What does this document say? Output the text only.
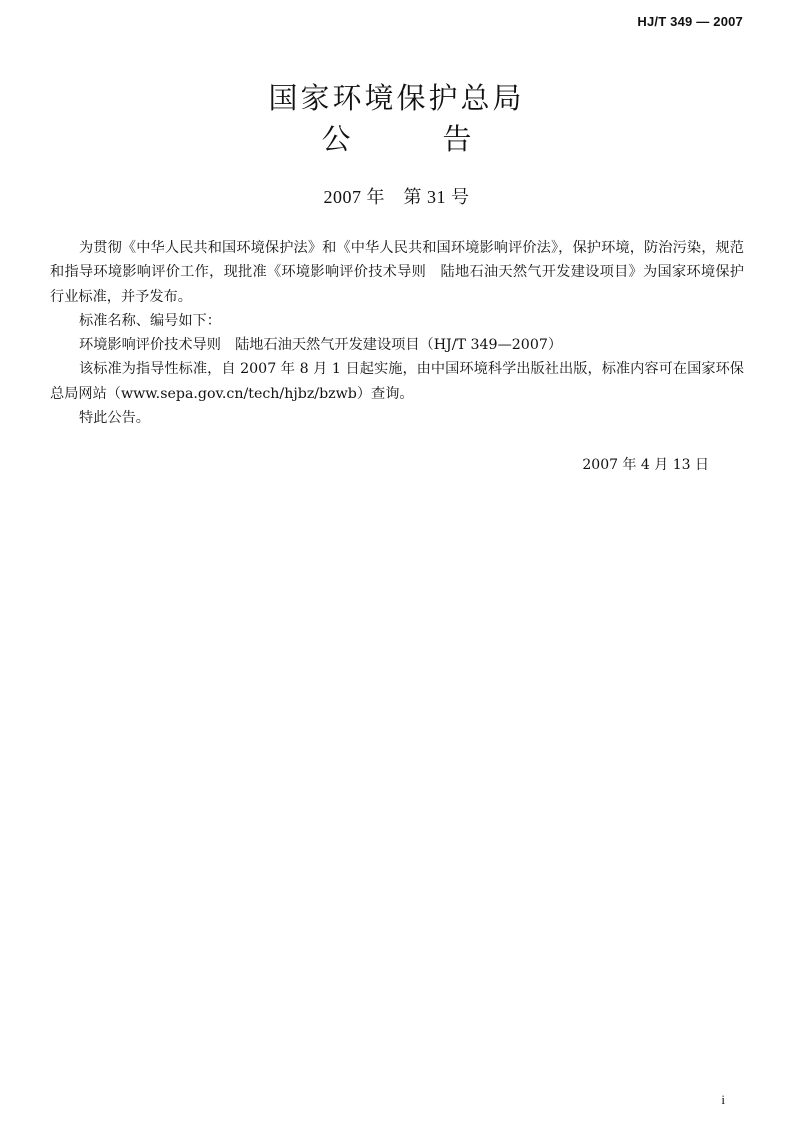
HJ/T 349 — 2007
国家环境保护总局
公	告
2007 年　第 31 号

为贯彻《中华人民共和国环境保护法》和《中华人民共和国环境影响评价法》，保护环境，防治污染，规范和指导环境影响评价工作，现批准《环境影响评价技术导则　陆地石油天然气开发建设项目》为国家环境保护行业标准，并予发布。

标准名称、编号如下：

环境影响评价技术导则　陆地石油天然气开发建设项目（HJ/T 349—2007）

该标准为指导性标准，自 2007 年 8 月 1 日起实施，由中国环境科学出版社出版，标准内容可在国家环保总局网站（www.sepa.gov.cn/tech/hjbz/bzwb）查询。

特此公告。

2007 年 4 月 13 日
i
